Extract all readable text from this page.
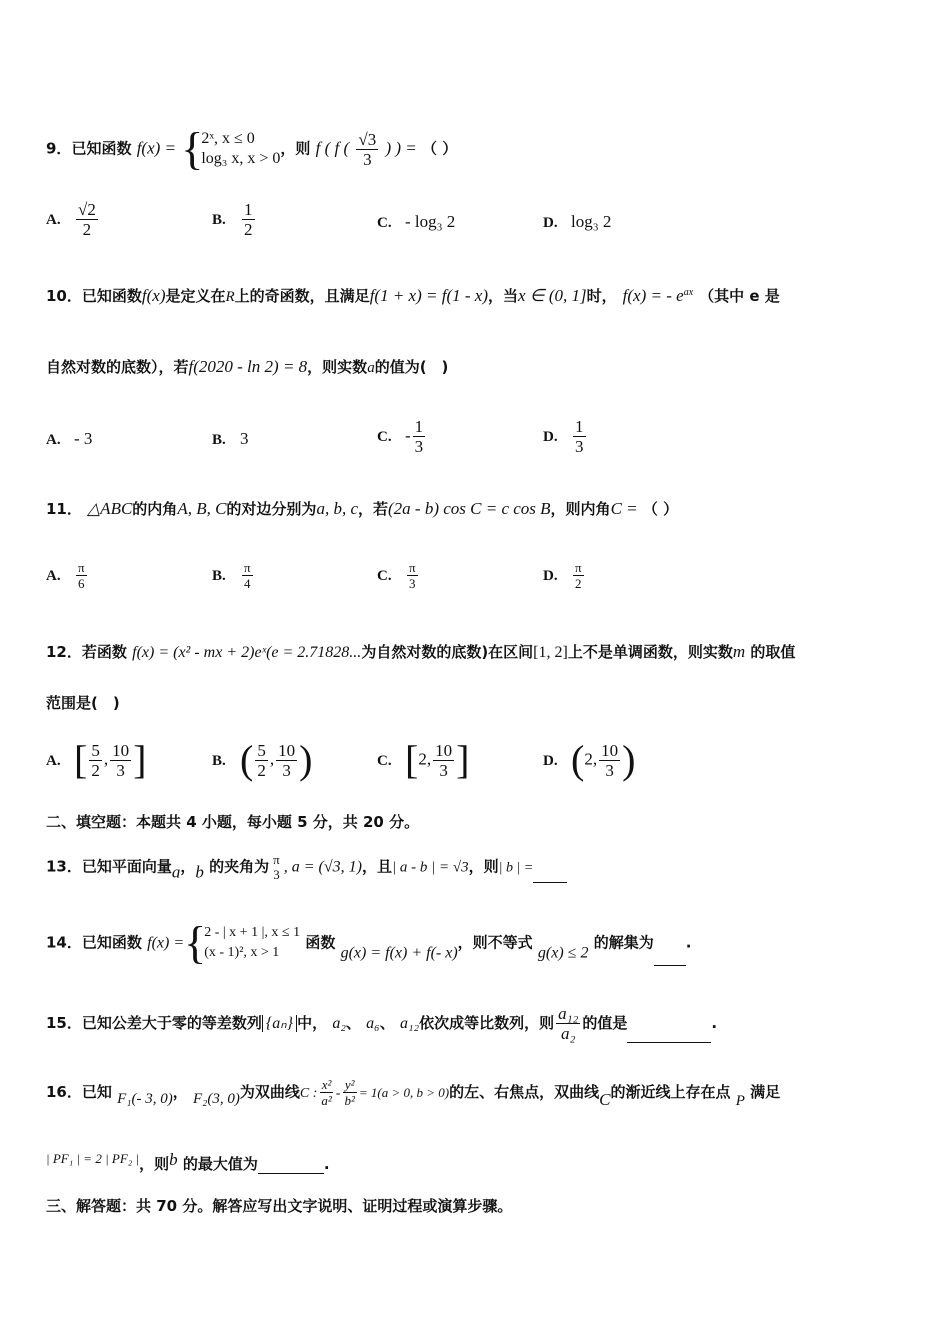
9．已知函数 f(x) = {
2ˣ, x ≤ 0
log₃ x, x > 0
，则 f ( f ( $\frac{√3}{3}$ ) ) = （ ）
A. $\frac{√2}{2}$	B. $\frac{1}{2}$	C. - log₃ 2	D. log₃ 2
10．已知函数f(x)是定义在R上的奇函数，且满足f(1 + x) = f(1 - x)，当x ∈ (0, 1]时， f(x) = - $e^{ax}$ （其中 e 是
自然对数的底数），若f(2020 - ln 2) = 8，则实数a的值为(　)
A. - 3	B. 3	C. - $\frac{1}{3}$	D. $\frac{1}{3}$
11． △ABC的内角A, B, C的对边分别为a, b, c，若(2a - b) cos C = c cos B，则内角C = （ ）
A. $\frac{\pi}{6}$	B. $\frac{\pi}{4}$	C. $\frac{\pi}{3}$	D. $\frac{\pi}{2}$
12．若函数 f(x) = (x² - mx + 2)eˣ(e = 2.71828...为自然对数的底数)在区间[1, 2]上不是单调函数，则实数m 的取值
范围是(　)
A. [ $\frac{5}{2}$ , $\frac{10}{3}$ ]	B. ( $\frac{5}{2}$ , $\frac{10}{3}$ )	C. [2, $\frac{10}{3}$ ]	D. (2, $\frac{10}{3}$ )
二、填空题：本题共 4 小题，每小题 5 分，共 20 分。
13．已知平面向量a，b 的夹角为 π
3 , a = (√3, 1)，且| a - b | = √3，则| b | =
14．已知函数 f(x) ={
2 - | x + 1 |, x ≤ 1
(x - 1)², x > 1
函数 g(x) = f(x) + f(- x)，则不等式 g(x) ≤ 2 的解集为 .
15．已知公差大于零的等差数列 {aₙ} 中， a₂、 a₆、 a₁₂依次成等比数列，则 $\frac{\text{a₁₂}}{\text{a₂}}$ 的值是	.
16．已知 F₁(- 3, 0)， F₂(3, 0)为双曲线C : $\frac{\text{x²}}{\text{a²}} - \frac{\text{y²}}{\text{b²}} = 1(a > 0$, b > 0)的左、右焦点，双曲线C的渐近线上存在点 P 满足
| PF₁ | = 2 | PF₂ |，则b 的最大值为	.
三、解答题：共 70 分。解答应写出文字说明、证明过程或演算步骤。
